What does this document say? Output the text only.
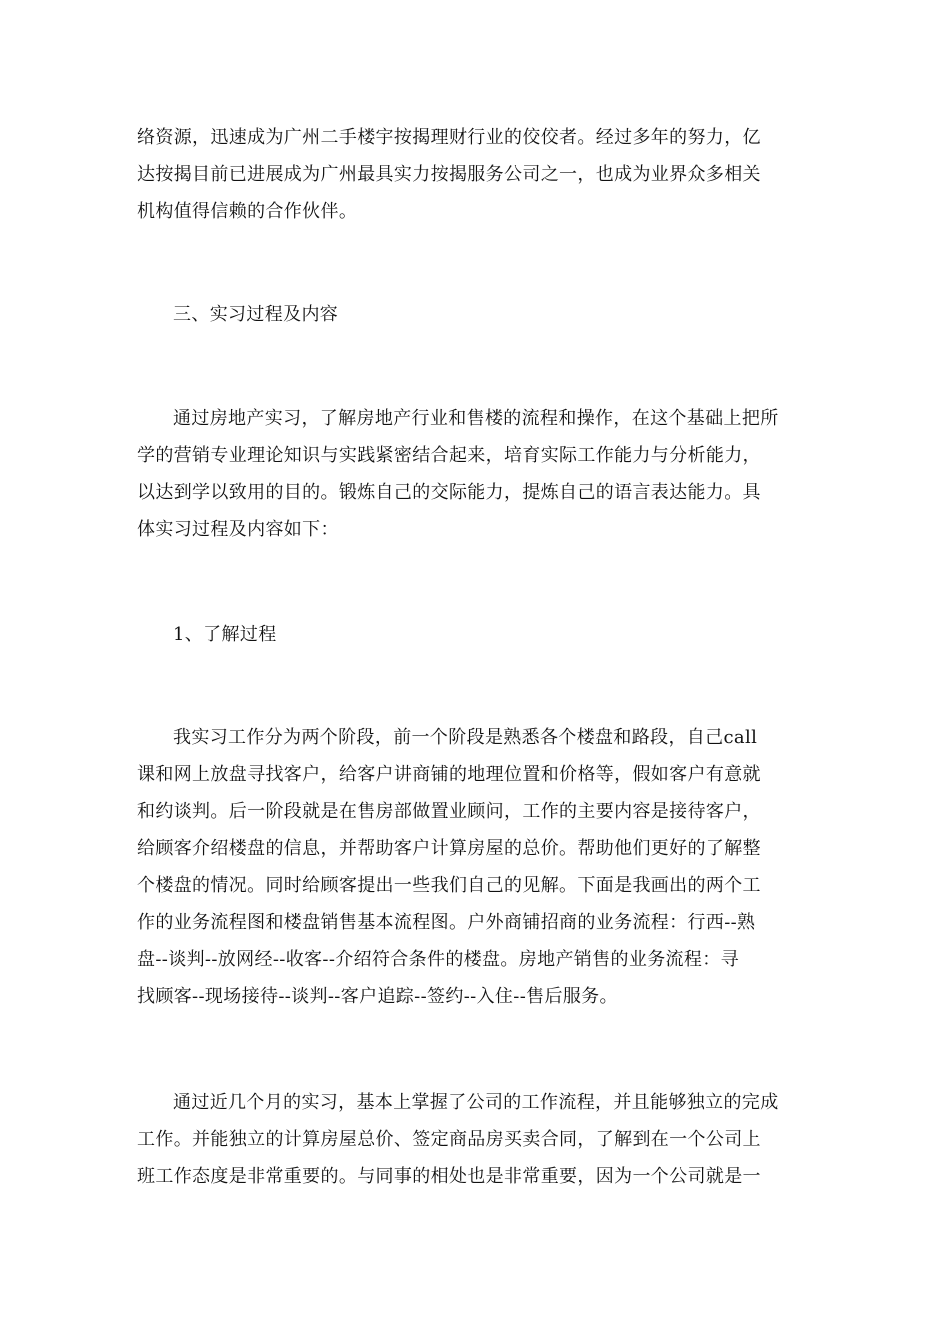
络资源，迅速成为广州二手楼宇按揭理财行业的佼佼者。经过多年的努力，亿
达按揭目前已进展成为广州最具实力按揭服务公司之一，也成为业界众多相关
机构值得信赖的合作伙伴。
三、实习过程及内容
通过房地产实习，了解房地产行业和售楼的流程和操作，在这个基础上把所
学的营销专业理论知识与实践紧密结合起来，培育实际工作能力与分析能力，
以达到学以致用的目的。锻炼自己的交际能力，提炼自己的语言表达能力。具
体实习过程及内容如下：
1、了解过程
我实习工作分为两个阶段，前一个阶段是熟悉各个楼盘和路段，自己call
课和网上放盘寻找客户，给客户讲商铺的地理位置和价格等，假如客户有意就
和约谈判。后一阶段就是在售房部做置业顾问，工作的主要内容是接待客户，
给顾客介绍楼盘的信息，并帮助客户计算房屋的总价。帮助他们更好的了解整
个楼盘的情况。同时给顾客提出一些我们自己的见解。下面是我画出的两个工
作的业务流程图和楼盘销售基本流程图。户外商铺招商的业务流程：行西--熟
盘--谈判--放网经--收客--介绍符合条件的楼盘。房地产销售的业务流程：寻
找顾客--现场接待--谈判--客户追踪--签约--入住--售后服务。
通过近几个月的实习，基本上掌握了公司的工作流程，并且能够独立的完成
工作。并能独立的计算房屋总价、签定商品房买卖合同，了解到在一个公司上
班工作态度是非常重要的。与同事的相处也是非常重要，因为一个公司就是一
